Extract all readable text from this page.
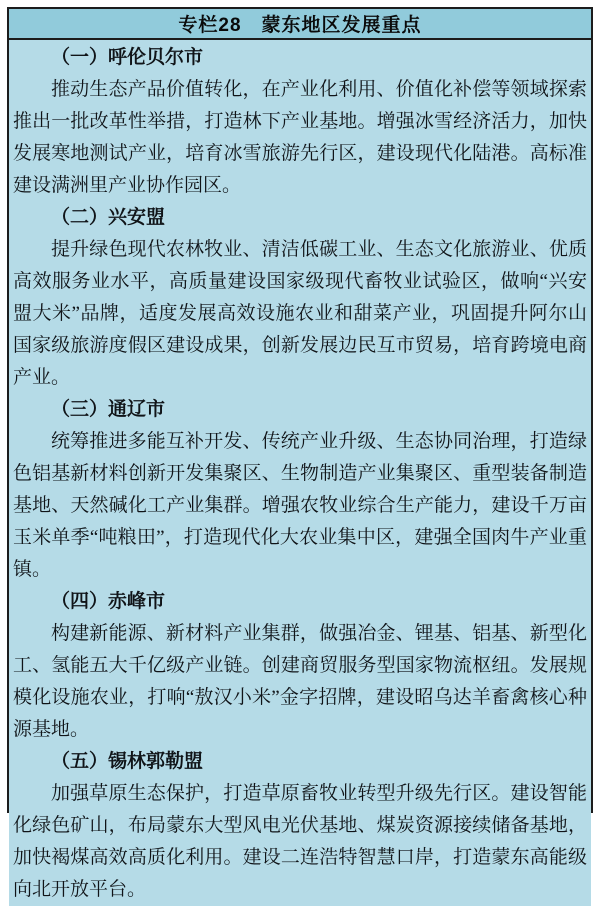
专栏28　蒙东地区发展重点
（一）呼伦贝尔市

推动生态产品价值转化，在产业化利用、价值化补偿等领域探索推出一批改革性举措，打造林下产业基地。增强冰雪经济活力，加快发展寒地测试产业，培育冰雪旅游先行区，建设现代化陆港。高标准建设满洲里产业协作园区。

（二）兴安盟

提升绿色现代农林牧业、清洁低碳工业、生态文化旅游业、优质高效服务业水平，高质量建设国家级现代畜牧业试验区，做响“兴安盟大米”品牌，适度发展高效设施农业和甜菜产业，巩固提升阿尔山国家级旅游度假区建设成果，创新发展边民互市贸易，培育跨境电商产业。

（三）通辽市

统筹推进多能互补开发、传统产业升级、生态协同治理，打造绿色铝基新材料创新开发集聚区、生物制造产业集聚区、重型装备制造基地、天然碱化工产业集群。增强农牧业综合生产能力，建设千万亩玉米单季“吨粮田”，打造现代化大农业集中区，建强全国肉牛产业重镇。

（四）赤峰市

构建新能源、新材料产业集群，做强冶金、锂基、铝基、新型化工、氢能五大千亿级产业链。创建商贸服务型国家物流枢纽。发展规模化设施农业，打响“敖汉小米”金字招牌，建设昭乌达羊畜禽核心种源基地。

（五）锡林郭勒盟

加强草原生态保护，打造草原畜牧业转型升级先行区。建设智能化绿色矿山，布局蒙东大型风电光伏基地、煤炭资源接续储备基地，加快褐煤高效高质化利用。建设二连浩特智慧口岸，打造蒙东高能级向北开放平台。
